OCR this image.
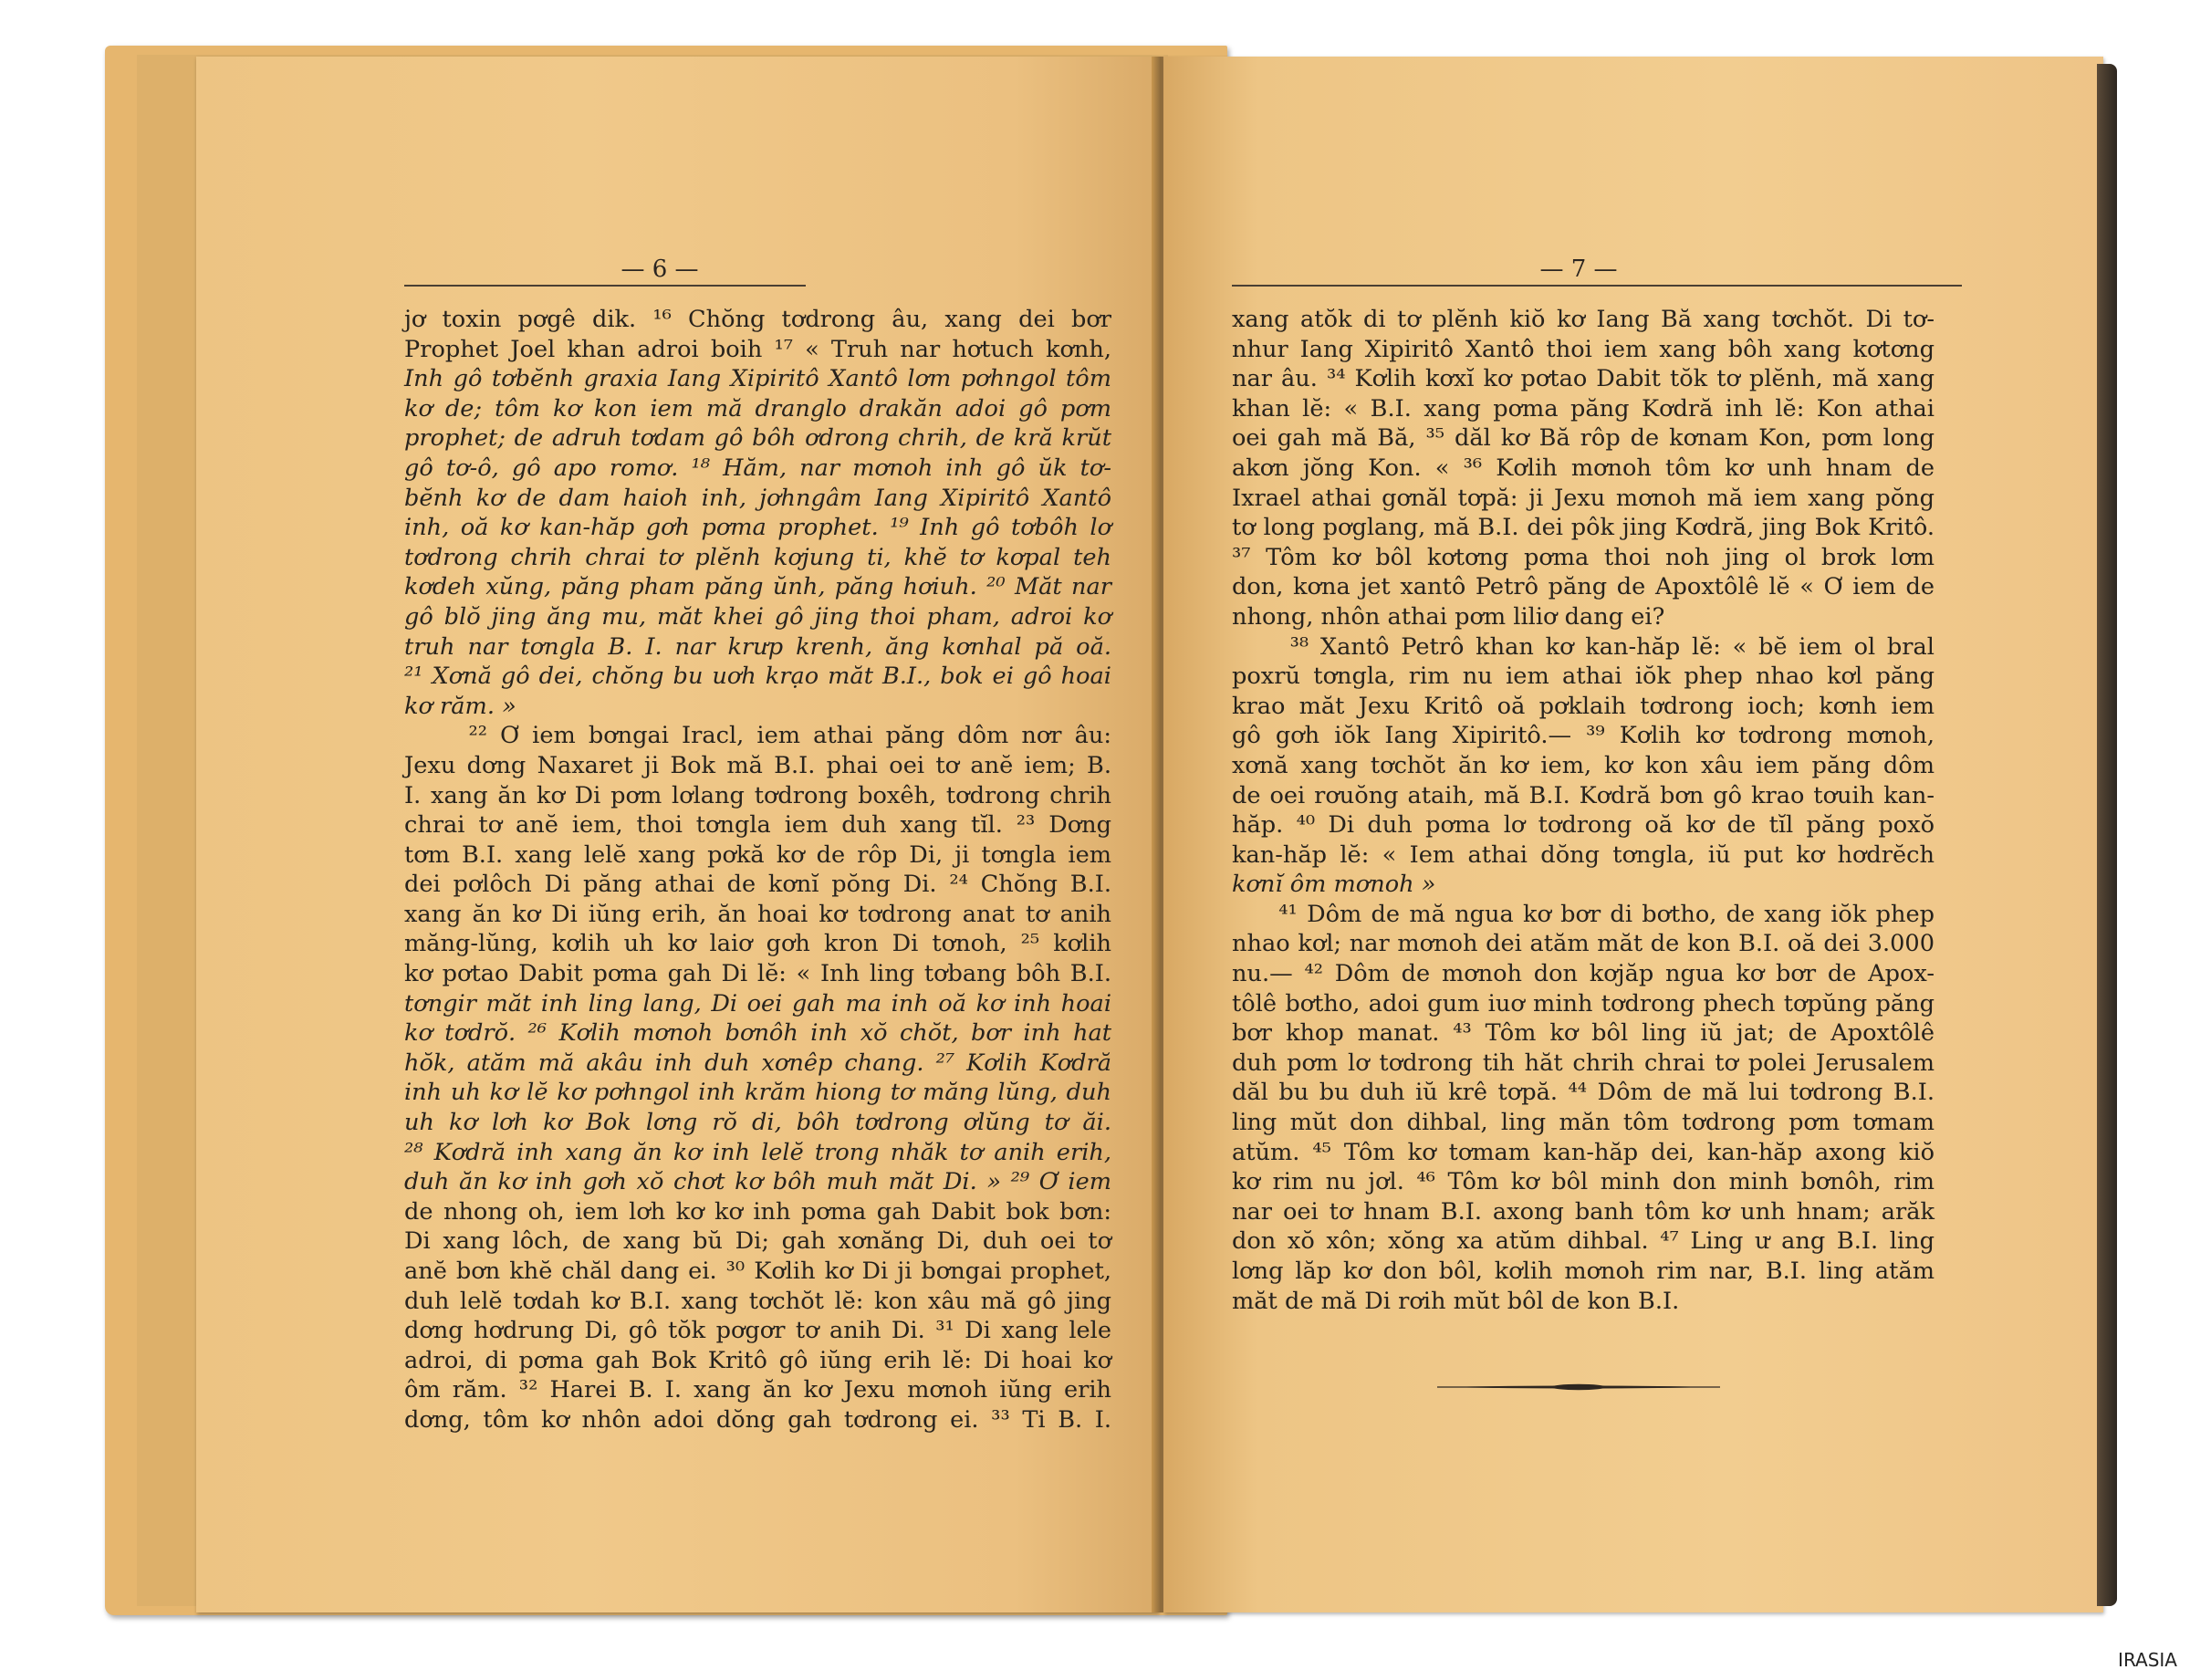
— 6 —
jơ toxin pơgê dik. ¹⁶ Chŏng tơdrong âu, xang dei bơr
Prophet Joel khan adroi boih ¹⁷ « Truh nar hơtuch kơnh,
Inh gô tơbĕnh graxia Iang Xipiritô Xantô lơm pơhngol tôm
kơ de; tôm kơ kon iem mă dranglo drakăn adoi gô pơm
prophet; de adruh tơdam gô bôh ơdrong chrih, de kră krŭt
gô tơ-ô, gô apo romơ. ¹⁸ Hăm, nar mơnoh inh gô ŭk tơ-
bĕnh kơ de dam haioh inh, jơhngâm Iang Xipiritô Xantô
inh, oă kơ kan-hăp gơh pơma prophet. ¹⁹ Inh gô tơbôh lơ
tơdrong chrih chrai tơ plĕnh kơjung ti, khĕ tơ kơpal teh
kơdeh xŭng, păng pham păng ŭnh, păng hơiuh. ²⁰ Măt nar
gô blŏ jing ăng mu, măt khei gô jing thoi pham, adroi kơ
truh nar tơngla B. I. nar krưp krenh, ăng kơnhal pă oă.
²¹ Xơnă gô dei, chŏng bu uơh krạo măt B.I., bok ei gô hoai
kơ răm. »
²² Ơ iem bơngai Iracl, iem athai păng dôm nơr âu:
Jexu dơng Naxaret ji Bok mă B.I. phai oei tơ anĕ iem; B.
I. xang ăn kơ Di pơm lơlang tơdrong boxêh, tơdrong chrih
chrai tơ anĕ iem, thoi tơngla iem duh xang tĭl. ²³ Dơng
tơm B.I. xang lelĕ xang pơkă kơ de rôp Di, ji tơngla iem
dei pơlôch Di păng athai de kơnĭ pŏng Di. ²⁴ Chŏng B.I.
xang ăn kơ Di iŭng erih, ăn hoai kơ tơdrong anat tơ anih
măng-lŭng, kơlih uh kơ laiơ gơh kron Di tơnoh, ²⁵ kơlih
kơ pơtao Dabit pơma gah Di lĕ: « Inh ling tơbang bôh B.I.
tơngir măt inh ling lang, Di oei gah ma inh oă kơ inh hoai
kơ tơdrŏ. ²⁶ Kơlih mơnoh bơnôh inh xŏ chŏt, bơr inh hat
hŏk, atăm mă akâu inh duh xơnêp chang. ²⁷ Kơlih Kơdră
inh uh kơ lĕ kơ pơhngol inh krăm hiong tơ măng lŭng, duh
uh kơ lơh kơ Bok lơng rŏ di, bôh tơdrong ơlŭng tơ ăi.
²⁸ Kơdră inh xang ăn kơ inh lelĕ trong nhăk tơ anih erih,
duh ăn kơ inh gơh xŏ chơt kơ bôh muh măt Di. » ²⁹ Ơ iem
de nhong oh, iem lơh kơ kơ inh pơma gah Dabit bok bơn:
Di xang lôch, de xang bŭ Di; gah xơnăng Di, duh oei tơ
anĕ bơn khĕ chăl dang ei. ³⁰ Kơlih kơ Di ji bơngai prophet,
duh lelĕ tơdah kơ B.I. xang tơchŏt lĕ: kon xâu mă gô jing
dơng hơdrung Di, gô tŏk pơgơr tơ anih Di. ³¹ Di xang lele
adroi, di pơma gah Bok Kritô gô iŭng erih lĕ: Di hoai kơ
ôm răm. ³² Harei B. I. xang ăn kơ Jexu mơnoh iŭng erih
dơng, tôm kơ nhôn adoi dŏng gah tơdrong ei. ³³ Ti B. I.
— 7 —
xang atŏk di tơ plĕnh kiŏ kơ Iang Bă xang tơchŏt. Di tơ-
nhur Iang Xipiritô Xantô thoi iem xang bôh xang kơtơng
nar âu. ³⁴ Kơlih kơxĭ kơ pơtao Dabit tŏk tơ plĕnh, mă xang
khan lĕ: « B.I. xang pơma păng Kơdră inh lĕ: Kon athai
oei gah mă Bă, ³⁵ dăl kơ Bă rôp de kơnam Kon, pơm long
akơn jŏng Kon. « ³⁶ Kơlih mơnoh tôm kơ unh hnam de
Ixrael athai gơnăl tơpă: ji Jexu mơnoh mă iem xang pŏng
tơ long pơglang, mă B.I. dei pôk jing Kơdră, jing Bok Kritô.
³⁷ Tôm kơ bôl kơtơng pơma thoi noh jing ol brơk lơm
don, kơna jet xantô Petrô păng de Apoxtôlê lĕ « Ơ iem de
nhong, nhôn athai pơm liliơ dang ei?
³⁸ Xantô Petrô khan kơ kan-hăp lĕ: « bĕ iem ol bral
poxrŭ tơngla, rim nu iem athai iŏk phep nhao kơl păng
krao măt Jexu Kritô oă pơklaih tơdrong ioch; kơnh iem
gô gơh iŏk Iang Xipiritô.— ³⁹ Kơlih kơ tơdrong mơnoh,
xơnă xang tơchŏt ăn kơ iem, kơ kon xâu iem păng dôm
de oei rơuŏng ataih, mă B.I. Kơdră bơn gô krao tơuih kan-
hăp. ⁴⁰ Di duh pơma lơ tơdrong oă kơ de tĭl păng poxŏ
kan-hăp lĕ: « Iem athai dŏng tơngla, iŭ put kơ hơdrĕch
kơnĭ ôm mơnoh »
⁴¹ Dôm de mă ngua kơ bơr di bơtho, de xang iŏk phep
nhao kơl; nar mơnoh dei atăm măt de kon B.I. oă dei 3.000
nu.— ⁴² Dôm de mơnoh don kơjăp ngua kơ bơr de Apox-
tôlê bơtho, adoi gum iuơ minh tơdrong phech tơpŭng păng
bơr khop manat. ⁴³ Tôm kơ bôl ling iŭ jat; de Apoxtôlê
duh pơm lơ tơdrong tih hăt chrih chrai tơ polei Jerusalem
dăl bu bu duh iŭ krê tơpă. ⁴⁴ Dôm de mă lui tơdrong B.I.
ling mŭt don dihbal, ling măn tôm tơdrong pơm tơmam
atŭm. ⁴⁵ Tôm kơ tơmam kan-hăp dei, kan-hăp axong kiŏ
kơ rim nu jơl. ⁴⁶ Tôm kơ bôl minh don minh bơnôh, rim
nar oei tơ hnam B.I. axong banh tôm kơ unh hnam; arăk
don xŏ xôn; xŏng xa atŭm dihbal. ⁴⁷ Ling ư ang B.I. ling
lơng lăp kơ don bôl, kơlih mơnoh rim nar, B.I. ling atăm
măt de mă Di rơih mŭt bôl de kon B.I.
IRASIA
